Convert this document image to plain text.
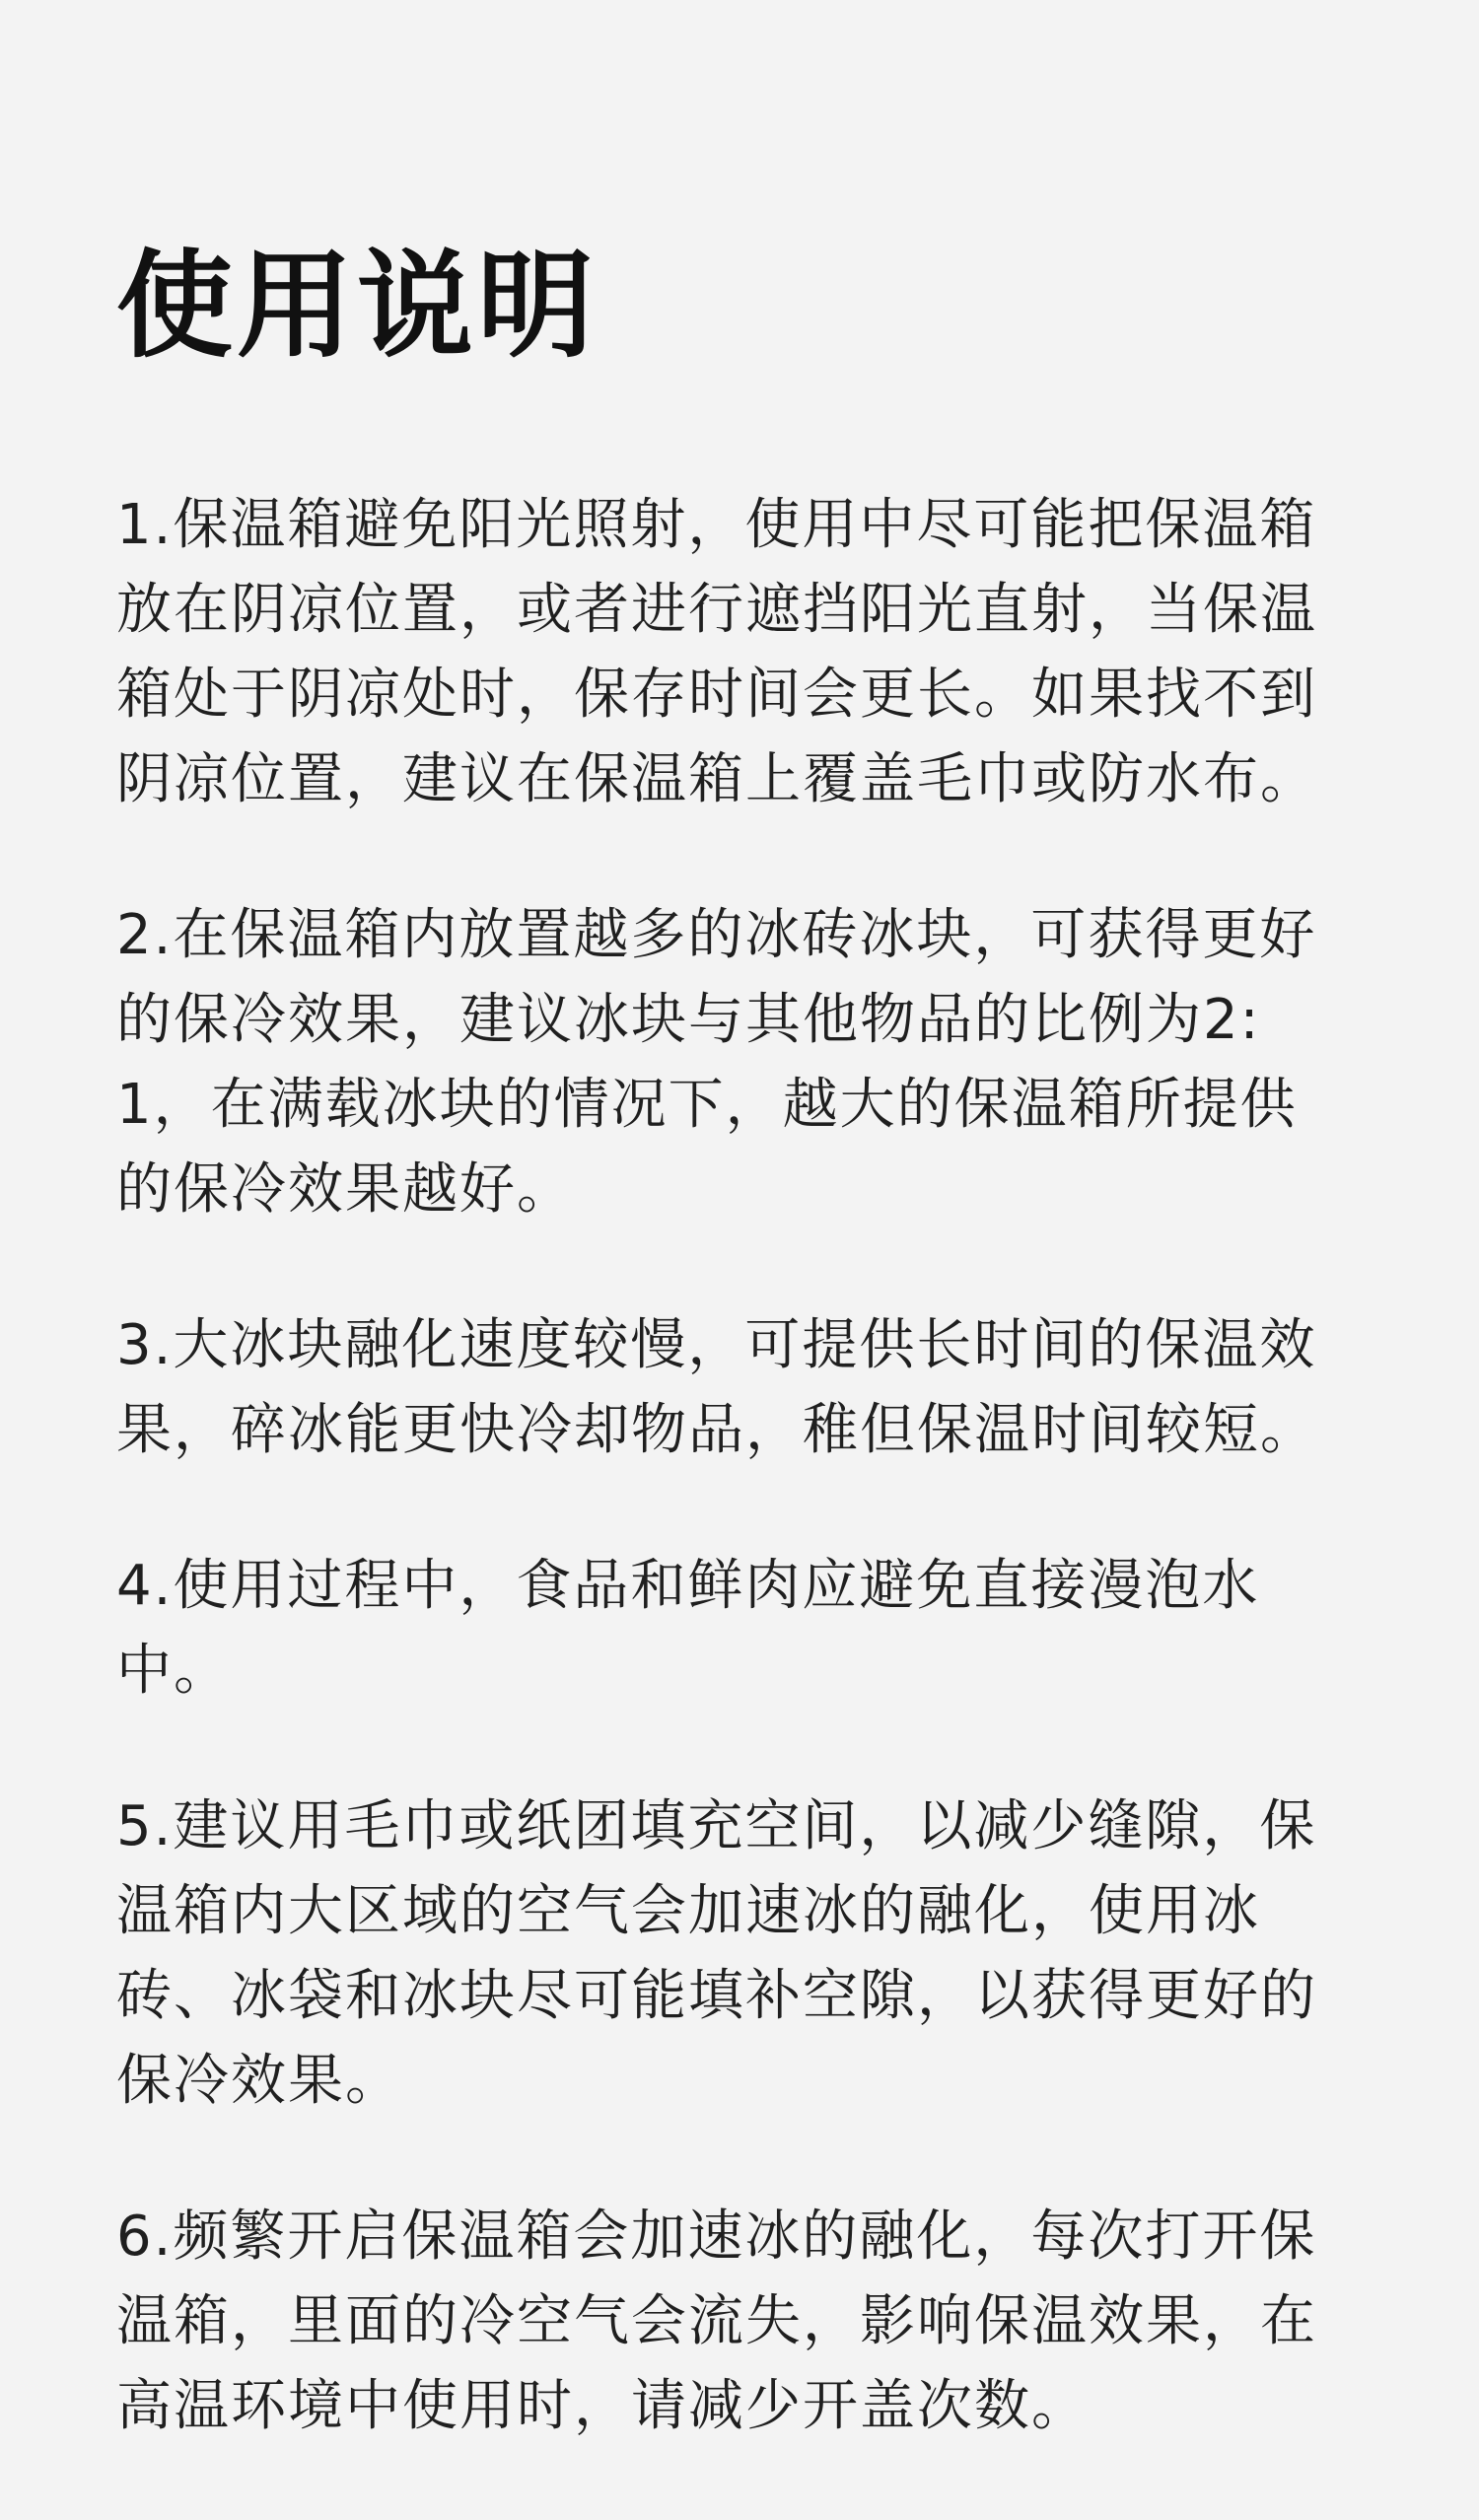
使用说明

1.保温箱避免阳光照射，使用中尽可能把保温箱放在阴凉位置，或者进行遮挡阳光直射，当保温箱处于阴凉处时，保存时间会更长。如果找不到阴凉位置，建议在保温箱上覆盖毛巾或防水布。

2.在保温箱内放置越多的冰砖冰块，可获得更好的保冷效果，建议冰块与其他物品的比例为2:1，在满载冰块的情况下，越大的保温箱所提供的保冷效果越好。

3.大冰块融化速度较慢，可提供长时间的保温效果，碎冰能更快冷却物品，稚但保温时间较短。

4.使用过程中，食品和鲜肉应避免直接漫泡水中。

5.建议用毛巾或纸团填充空间，以减少缝隙，保温箱内大区域的空气会加速冰的融化，使用冰砖、冰袋和冰块尽可能填补空隙，以获得更好的保冷效果。

6.频繁开启保温箱会加速冰的融化，每次打开保温箱，里面的冷空气会流失，影响保温效果，在高温环境中使用时，请减少开盖次数。
